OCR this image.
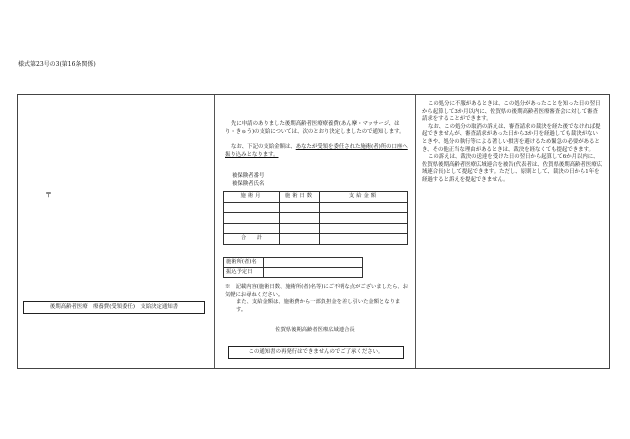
様式第23号の3(第16条関係)
〒
後期高齢者医療　療養費(受領委任)　支給決定通知書
先に申請のありました後期高齢者医療療養費(あん摩・マッサージ、はり・きゅう)の支給については、次のとおり決定しましたので通知します。
なお、下記の支給金額は、あなたが受領を委任された施術(者)所の口座へ振り込みとなります。
被保険者番号
被保険者氏名
施術月	施術日数	支給金額

合　　計		
施術所(者)名	
振込予定日	
※　記載内容(施術日数、施術所(者)名等)にご不明な点がございましたら、お気軽にお尋ねください。
また、支給金額は、施術費から一部負担金を差し引いた金額となります。
佐賀県後期高齢者医療広域連合長
この通知書の再発行はできませんのでご了承ください。

この処分に不服があるときは、この処分があったことを知った日の翌日から起算して3か月以内に、佐賀県の後期高齢者医療審査会に対して審査請求をすることができます。

なお、この処分の取消の訴えは、審査請求の裁決を経た後でなければ提起できませんが、審査請求があった日から3か月を経過しても裁決がないときや、処分の執行等による著しい損害を避けるため緊急の必要があるとき、その他正当な理由があるときは、裁決を経なくても提起できます。

この訴えは、裁決の送達を受けた日の翌日から起算して6か月以内に、佐賀県後期高齢者医療広域連合を被告(代表者は、佐賀県後期高齢者医療広域連合長)として提起できます。ただし、原則として、裁決の日から1年を経過すると訴えを提起できません。
